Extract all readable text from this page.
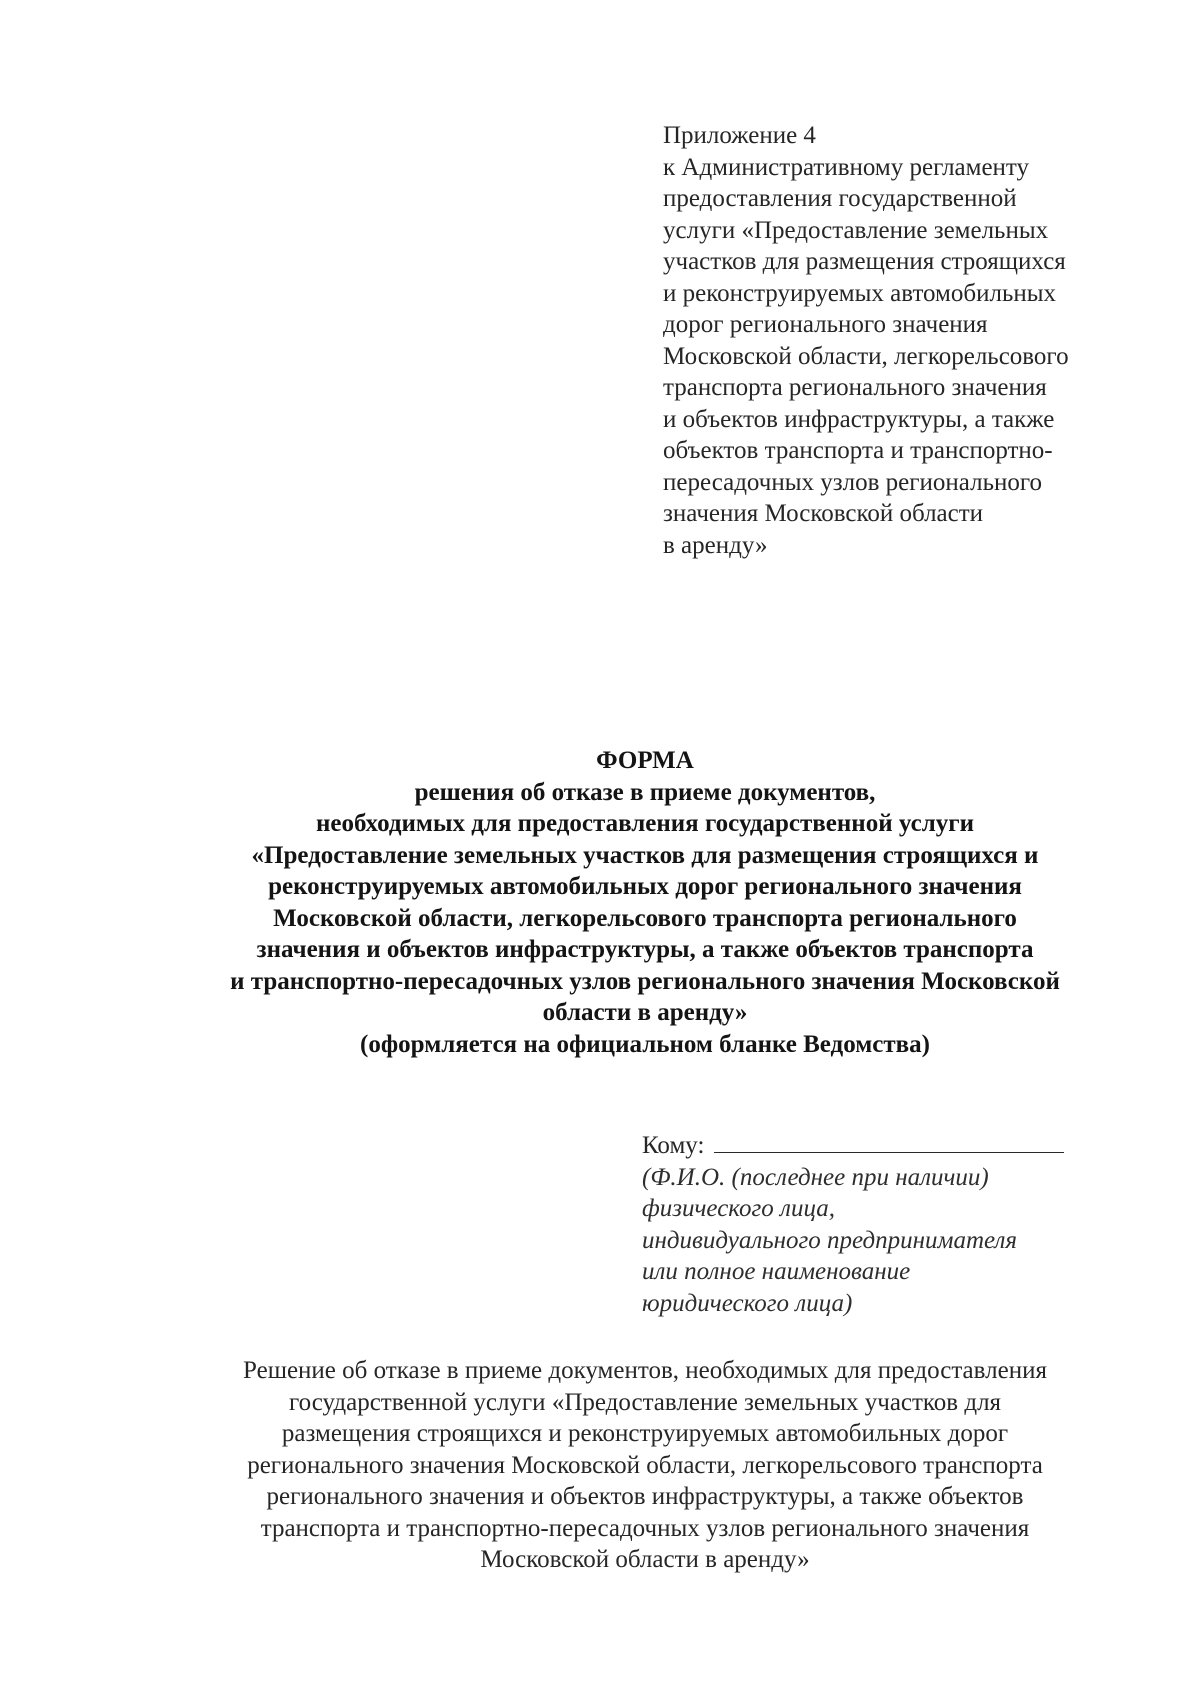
Приложение 4
к Административному регламенту
предоставления государственной
услуги «Предоставление земельных
участков для размещения строящихся
и реконструируемых автомобильных
дорог регионального значения
Московской области, легкорельсового
транспорта регионального значения
и объектов инфраструктуры, а также
объектов транспорта и транспортно-
пересадочных узлов регионального
значения Московской области
в аренду»
ФОРМА
решения об отказе в приеме документов,
необходимых для предоставления государственной услуги
«Предоставление земельных участков для размещения строящихся и
реконструируемых автомобильных дорог регионального значения
Московской области, легкорельсового транспорта регионального
значения и объектов инфраструктуры, а также объектов транспорта
и транспортно-пересадочных узлов регионального значения Московской
области в аренду»
(оформляется на официальном бланке Ведомства)
Кому:
(Ф.И.О. (последнее при наличии)
физического лица,
индивидуального предпринимателя
или полное наименование
юридического лица)
Решение об отказе в приеме документов, необходимых для предоставления
государственной услуги «Предоставление земельных участков для
размещения строящихся и реконструируемых автомобильных дорог
регионального значения Московской области, легкорельсового транспорта
регионального значения и объектов инфраструктуры, а также объектов
транспорта и транспортно-пересадочных узлов регионального значения
Московской области в аренду»
